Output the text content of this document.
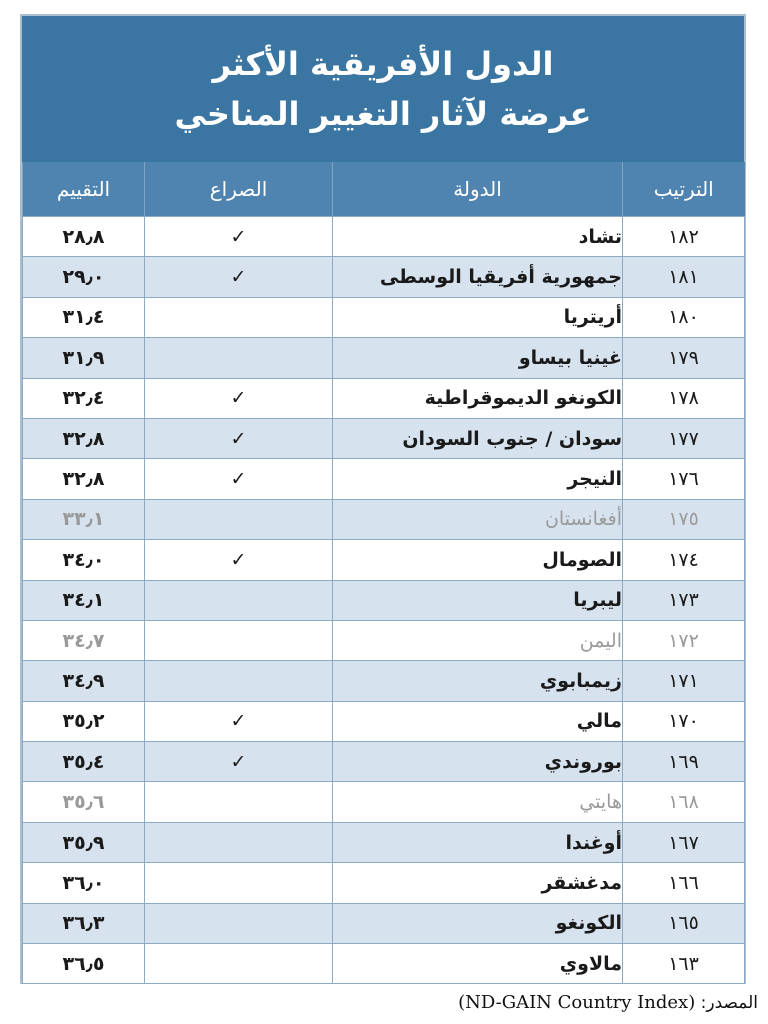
الدول الأفريقية الأكثر
عرضة لآثار التغيير المناخي
الترتيب	الدولة	الصراع	التقييم
١٨٢	تشاد	✓	٢٨٫٨
١٨١	جمهورية أفريقيا الوسطى	✓	٢٩٫٠
١٨٠	أريتريا		٣١٫٤
١٧٩	غينيا بيساو		٣١٫٩
١٧٨	الكونغو الديموقراطية	✓	٣٢٫٤
١٧٧	سودان / جنوب السودان	✓	٣٢٫٨
١٧٦	النيجر	✓	٣٢٫٨
١٧٥	أفغانستان		٣٣٫١
١٧٤	الصومال	✓	٣٤٫٠
١٧٣	ليبريا		٣٤٫١
١٧٢	اليمن		٣٤٫٧
١٧١	زيمبابوي		٣٤٫٩
١٧٠	مالي	✓	٣٥٫٢
١٦٩	بوروندي	✓	٣٥٫٤
١٦٨	هايتي		٣٥٫٦
١٦٧	أوغندا		٣٥٫٩
١٦٦	مدغشقر		٣٦٫٠
١٦٥	الكونغو		٣٦٫٣
١٦٣	مالاوي		٣٦٫٥
المصدر: (ND-GAIN Country Index)
